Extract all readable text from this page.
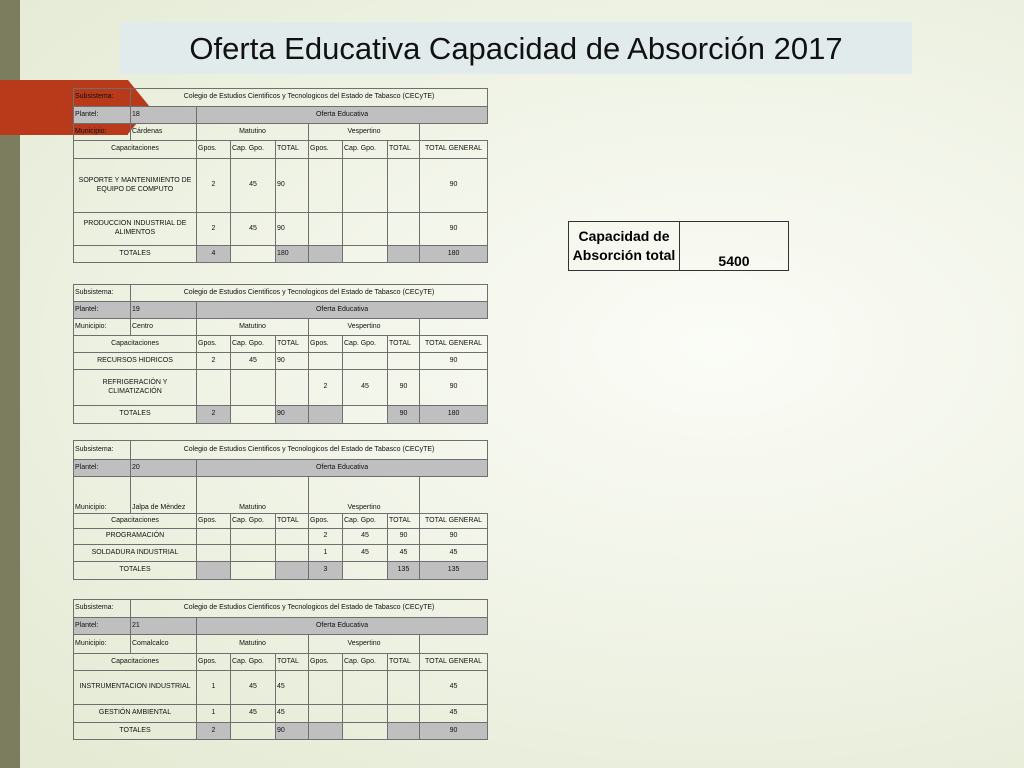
Oferta Educativa Capacidad de Absorción 2017
Subsistema:	Colegio de Estudios Cientificos y Tecnologicos del Estado de Tabasco (CECyTE)							
Plantel:	18	Oferta Educativa						
Municipio:	Cárdenas	Matutino			Vespertino			
Capacitaciones		Gpos.	Cap. Gpo.	TOTAL	Gpos.	Cap. Gpo.	TOTAL	TOTAL GENERAL
SOPORTE Y MANTENIMIENTO DE EQUIPO DE COMPUTO		2	45	90				90
PRODUCCION INDUSTRIAL DE ALIMENTOS		2	45	90				90
TOTALES		4		180				180
Subsistema:	Colegio de Estudios Cientificos y Tecnologicos del Estado de Tabasco (CECyTE)							
Plantel:	19	Oferta Educativa						
Municipio:	Centro	Matutino			Vespertino			
Capacitaciones		Gpos.	Cap. Gpo.	TOTAL	Gpos.	Cap. Gpo.	TOTAL	TOTAL GENERAL
RECURSOS HIDRICOS		2	45	90				90
REFRIGERACIÓN Y CLIMATIZACIÓN					2	45	90	90
TOTALES		2		90			90	180
Subsistema:	Colegio de Estudios Cientificos y Tecnologicos del Estado de Tabasco (CECyTE)							
Plantel:	20	Oferta Educativa						
Municipio:	Jalpa de Mèndez	Matutino			Vespertino			
Capacitaciones		Gpos.	Cap. Gpo.	TOTAL	Gpos.	Cap. Gpo.	TOTAL	TOTAL GENERAL
PROGRAMACIÓN					2	45	90	90
SOLDADURA INDUSTRIAL					1	45	45	45
TOTALES					3		135	135
Subsistema:	Colegio de Estudios Cientificos y Tecnologicos del Estado de Tabasco (CECyTE)							
Plantel:	21	Oferta Educativa						
Municipio:	Comalcalco	Matutino			Vespertino			
Capacitaciones		Gpos.	Cap. Gpo.	TOTAL	Gpos.	Cap. Gpo.	TOTAL	TOTAL GENERAL
INSTRUMENTACION INDUSTRIAL		1	45	45				45
GESTIÓN AMBIENTAL		1	45	45				45
TOTALES		2		90				90
Capacidad de Absorción total	5400
